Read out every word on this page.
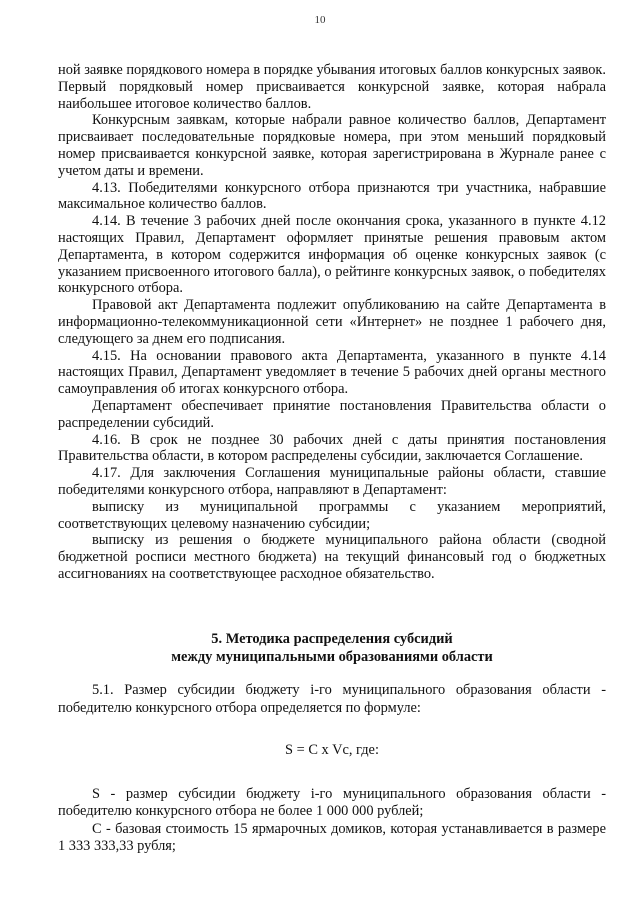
10

ной заявке порядкового номера в порядке убывания итоговых баллов конкурсных заявок. Первый порядковый номер присваивается конкурсной заявке, которая набрала наибольшее итоговое количество баллов.

Конкурсным заявкам, которые набрали равное количество баллов, Департамент присваивает последовательные порядковые номера, при этом меньший порядковый номер присваивается конкурсной заявке, которая зарегистрирована в Журнале ранее с учетом даты и времени.

4.13. Победителями конкурсного отбора признаются три участника, набравшие максимальное количество баллов.

4.14. В течение 3 рабочих дней после окончания срока, указанного в пункте 4.12 настоящих Правил, Департамент оформляет принятые решения правовым актом Департамента, в котором содержится информация об оценке конкурсных заявок (с указанием присвоенного итогового балла), о рейтинге конкурсных заявок, о победителях конкурсного отбора.

Правовой акт Департамента подлежит опубликованию на сайте Департамента в информационно-телекоммуникационной сети «Интернет» не позднее 1 рабочего дня, следующего за днем его подписания.

4.15. На основании правового акта Департамента, указанного в пункте 4.14 настоящих Правил, Департамент уведомляет в течение 5 рабочих дней органы местного самоуправления об итогах конкурсного отбора.

Департамент обеспечивает принятие постановления Правительства области о распределении субсидий.

4.16. В срок не позднее 30 рабочих дней с даты принятия постановления Правительства области, в котором распределены субсидии, заключается Соглашение.

4.17. Для заключения Соглашения муниципальные районы области, ставшие победителями конкурсного отбора, направляют в Департамент:

выписку из муниципальной программы с указанием мероприятий, соответствующих целевому назначению субсидии;

выписку из решения о бюджете муниципального района области (сводной бюджетной росписи местного бюджета) на текущий финансовый год о бюджетных ассигнованиях на соответствующее расходное обязательство.

5. Методика распределения субсидий
между муниципальными образованиями области

5.1. Размер субсидии бюджету i-го муниципального образования области - победителю конкурсного отбора определяется по формуле:

S = C x Vc, где:

S - размер субсидии бюджету i-го муниципального образования области - победителю конкурсного отбора не более 1 000 000 рублей;

C - базовая стоимость 15 ярмарочных домиков, которая устанавливается в размере 1 333 333,33 рубля;
